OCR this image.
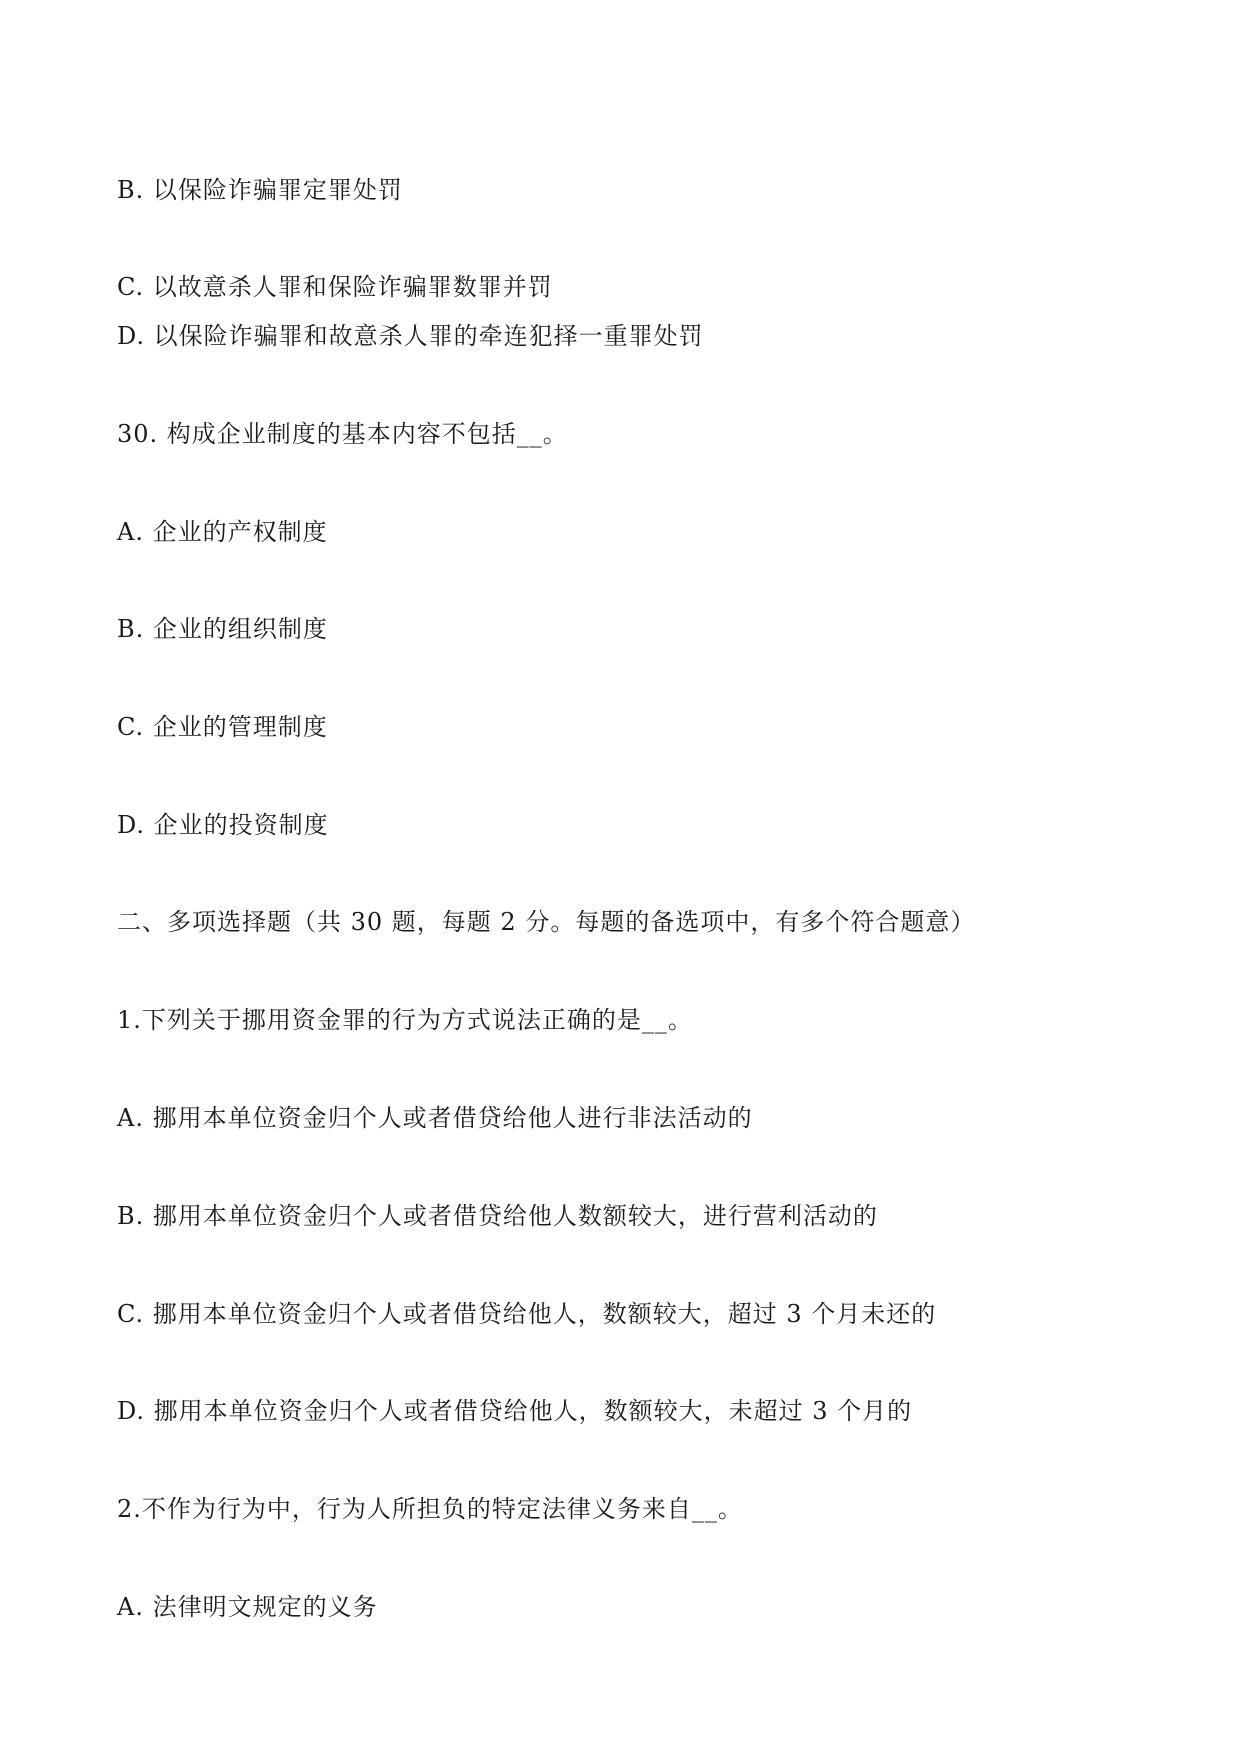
B. 以保险诈骗罪定罪处罚
C. 以故意杀人罪和保险诈骗罪数罪并罚
D. 以保险诈骗罪和故意杀人罪的牵连犯择一重罪处罚
30. 构成企业制度的基本内容不包括__。
A. 企业的产权制度
B. 企业的组织制度
C. 企业的管理制度
D. 企业的投资制度
二、多项选择题（共 30 题，每题 2 分。每题的备选项中，有多个符合题意）
1.下列关于挪用资金罪的行为方式说法正确的是__。
A. 挪用本单位资金归个人或者借贷给他人进行非法活动的
B. 挪用本单位资金归个人或者借贷给他人数额较大，进行营利活动的
C. 挪用本单位资金归个人或者借贷给他人，数额较大，超过 3 个月未还的
D. 挪用本单位资金归个人或者借贷给他人，数额较大，未超过 3 个月的
2.不作为行为中，行为人所担负的特定法律义务来自__。
A. 法律明文规定的义务
